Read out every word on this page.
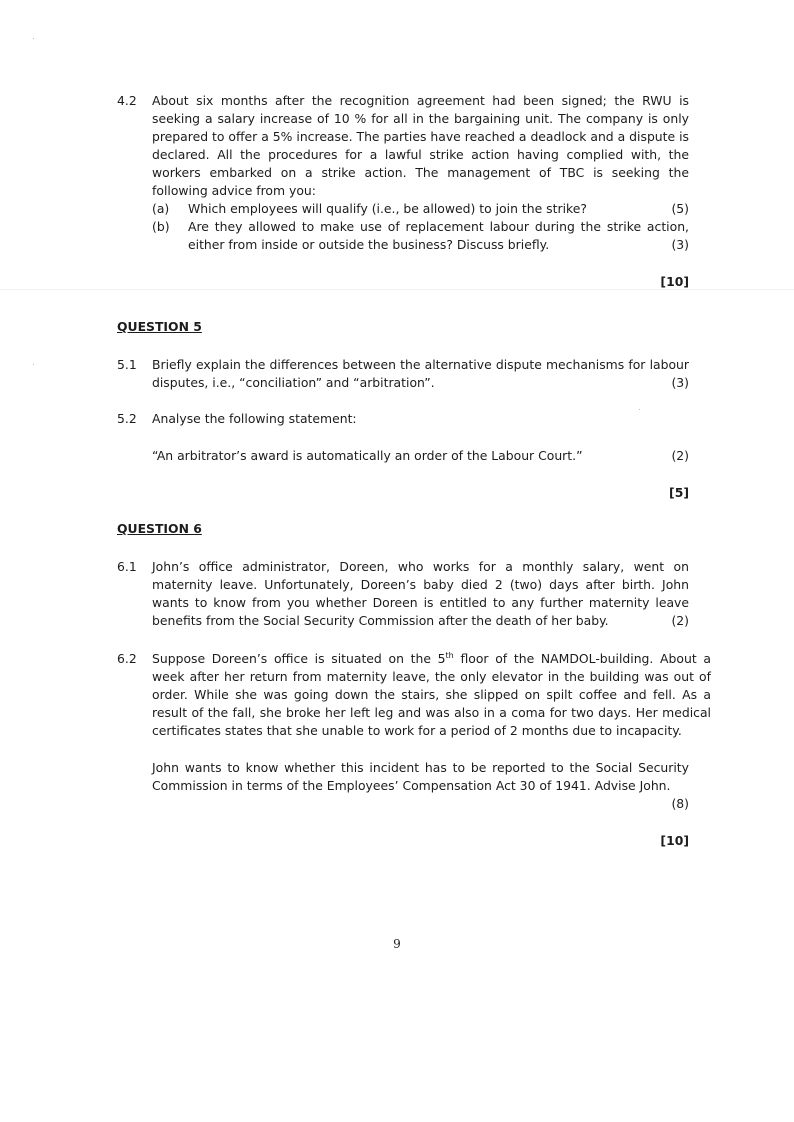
4.2 About six months after the recognition agreement had been signed; the RWU is seeking a salary increase of 10 % for all in the bargaining unit. The company is only prepared to offer a 5% increase. The parties have reached a deadlock and a dispute is declared. All the procedures for a lawful strike action having complied with, the workers embarked on a strike action. The management of TBC is seeking the following advice from you:

(a) Which employees will qualify (i.e., be allowed) to join the strike?	(5)
(b) Are they allowed to make use of replacement labour during the strike action, either from inside or outside the business? Discuss briefly.	(3)
[10]
QUESTION 5
5.1 Briefly explain the differences between the alternative dispute mechanisms for labour disputes, i.e., “conciliation” and “arbitration”.	(3)
5.2 Analyse the following statement:
“An arbitrator’s award is automatically an order of the Labour Court.”	(2)
[5]
QUESTION 6
6.1 John’s office administrator, Doreen, who works for a monthly salary, went on maternity leave. Unfortunately, Doreen’s baby died 2 (two) days after birth. John wants to know from you whether Doreen is entitled to any further maternity leave benefits from the Social Security Commission after the death of her baby.	(2)
6.2 Suppose Doreen’s office is situated on the 5th floor of the NAMDOL-building. About a week after her return from maternity leave, the only elevator in the building was out of order. While she was going down the stairs, she slipped on spilt coffee and fell. As a result of the fall, she broke her left leg and was also in a coma for two days. Her medical certificates states that she unable to work for a period of 2 months due to incapacity.

John wants to know whether this incident has to be reported to the Social Security Commission in terms of the Employees’ Compensation Act 30 of 1941. Advise John.
(8)
[10]
9
